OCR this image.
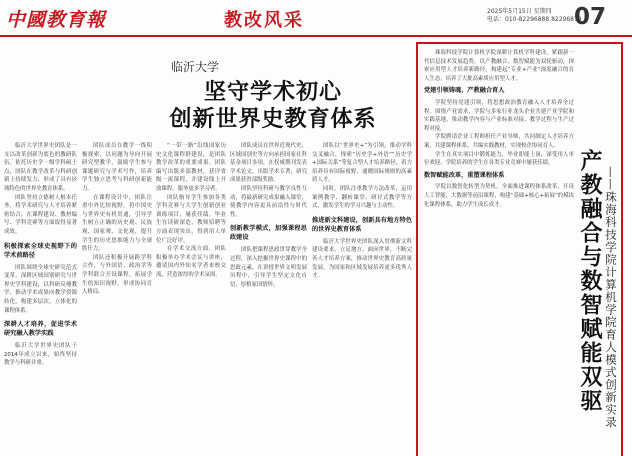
中國教育報	教改风采	2025年5月15日 星期四
电话：010-82296888 82296879
07
临沂大学
坚守学术初心
创新世界史教育体系

临沂大学世界史团队是一支以改革创新为底色的教研队伍。依托历史学一级学科硕士点，团队在教学改革与科研创新上持续发力，形成了具有区域特色的世界史教育体系。

团队坚持立德树人根本任务，将学术研究与人才培养紧密结合，在课程建设、教材编写、学科竞赛等方面取得显著成效。

积极探索全球史视野下的学术前路径

团队围绕全球史研究范式变革，深耕区域国别研究与世界史学科建设，以科研反哺教学，推动学术成果向教学资源转化，构建多层次、立体化的课程体系。

深耕人才培养，促进学术研究融入教学实践

临沂大学世界史团队于2014年成立以来，始终坚持教学与科研并重。

团队成员在教学一线积极探索，以问题为导向开展研究型教学，鼓励学生参与课题研究与学术写作，培养学生独立思考与科研创新能力。

在课程设计中，团队注重中外比较视野，将中国史与世界史有机贯通，引导学生树立正确的历史观、民族观、国家观、文化观，提升学生的历史思维能力与全球胜任力。

团队还积极开展跨学科合作，与外国语、政治学等学科联合开设课程，拓展学生的知识视野，形成协同育人格局。

“一带一路”沿线国家历史文化课程群建设，是团队教学改革的重要成果。团队编写出版多部教材，获评省级一流课程，并建设线上开放课程，服务更多学习者。

团队指导学生参加各类学科竞赛与大学生创新创业训练项目，屡获佳绩。毕业生在读研深造、教师招聘等方面表现突出，得到用人单位广泛好评。

在学术交流方面，团队积极举办学术会议与讲座，邀请国内外知名学者来校交流，营造浓厚的学术氛围。

团队成员在世界近现代史、区域国别史等方向承担国家社科基金项目多项，在权威期刊发表学术论文，出版学术专著，研究成果获省部级奖励。

团队坚持科研与教学良性互动，将最新研究成果融入课堂，使教学内容更具前沿性与时代性。

创新教学模式，加强课程思政建设

团队把课程思政贯穿教学全过程，深入挖掘世界史课程中的思政元素，在讲授世界文明发展历程中，引导学生坚定文化自信，厚植家国情怀。

团队以“世界史+”为引领，推动学科交叉融合，探索“历史学+外语”“历史学+国际关系”等复合型人才培养路径，着力培养具有国际视野、通晓国际规则的高素质人才。

同时，团队注重教学方法改革，运用案例教学、翻转课堂、研讨式教学等方式，激发学生的学习兴趣与主动性。

推进新文科建设，创新具有地方特色的世界史教育体系

临沂大学世界史团队深入贯彻新文科建设要求，立足地方、面向世界，不断完善人才培养方案，推动世界史教育高质量发展，为国家和区域发展培养更多优秀人才。

珠海科技学院计算机学院深耕计算机学科建设，紧跟新一代信息技术发展趋势，以产教融合、数智赋能为双轮驱动，探索应用型人才培养新路径，构建起“专业+产业”深度融合的育人生态，培养了大批高素质应用型人才。

党建引领铸魂，产教融合育人

学院坚持党建引领，将思想政治教育融入人才培养全过程。围绕产业需求，学院与多家行业龙头企业共建产业学院和实践基地，推动教学内容与产业标准对接、教学过程与生产过程对接。

学院聘请企业工程师担任产业导师，共同制定人才培养方案，共建课程体系，共编实践教材，实现校企协同育人。

学生在真实项目中锻炼能力，毕业即能上岗，深受用人单位欢迎。学院培养的学生在各类专业竞赛中屡获佳绩。

数智赋能改革，重塑课程体系

学院以数智化转型为契机，全面推进课程体系改革，开设人工智能、大数据等前沿课程，构建“基础+核心+拓展”的模块化课程体系，助力学生成长成才。	产教融合与数智赋能双驱 ——珠海科技学院计算机学院育人模式创新实录
